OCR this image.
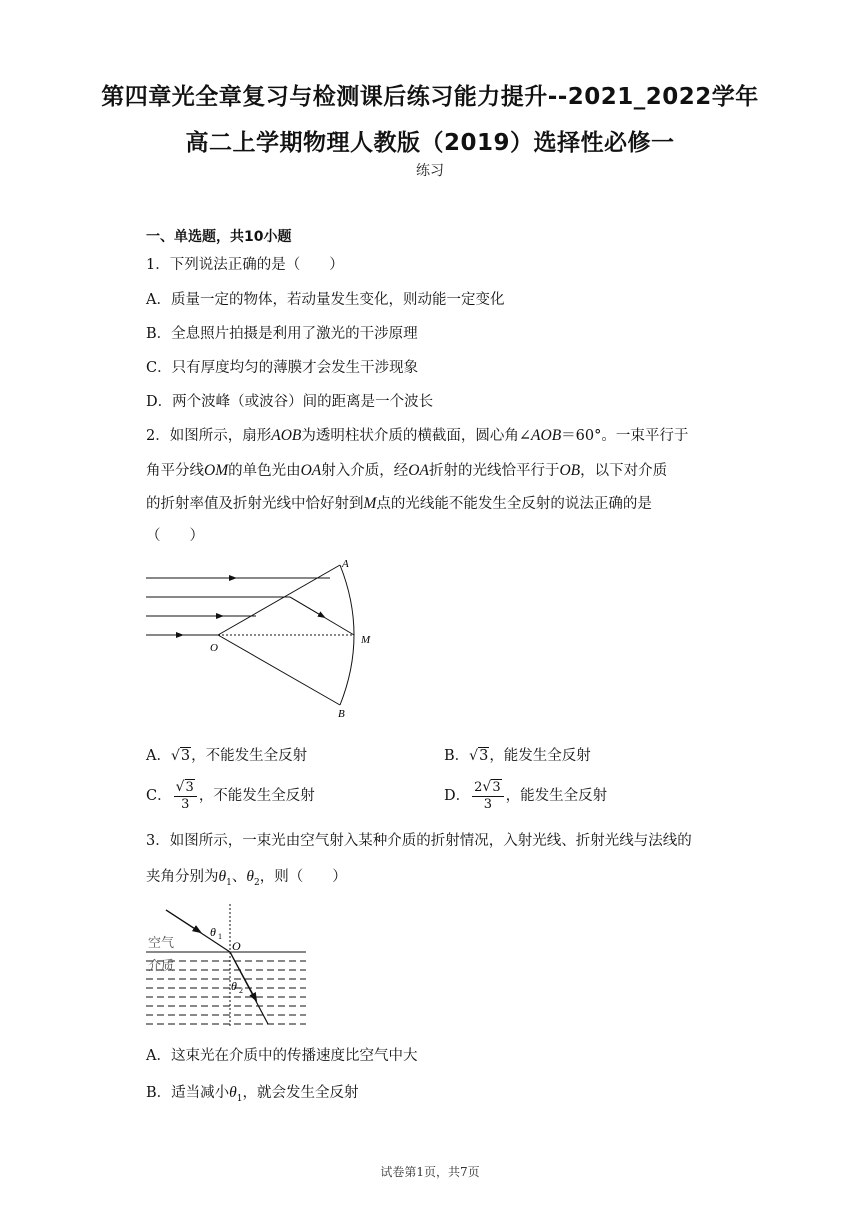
第四章光全章复习与检测课后练习能力提升--2021_2022学年
高二上学期物理人教版（2019）选择性必修一
练习
一、单选题，共10小题
1．下列说法正确的是（　　）
A．质量一定的物体，若动量发生变化，则动能一定变化
B．全息照片拍摄是利用了激光的干涉原理
C．只有厚度均匀的薄膜才会发生干涉现象
D．两个波峰（或波谷）间的距离是一个波长
2．如图所示，扇形AOB为透明柱状介质的横截面，圆心角∠AOB＝60°。一束平行于
角平分线OM的单色光由OA射入介质，经OA折射的光线恰平行于OB，以下对介质
的折射率值及折射光线中恰好射到M点的光线能不能发生全反射的说法正确的是
（　　）
A
O
M
B
A．√3，不能发生全反射	B．√3，能发生全反射
C． $\frac{√3}{3}$ ，不能发生全反射	D． $\frac{2√3}{3}$ ，能发生全反射
3．如图所示，一束光由空气射入某种介质的折射情况，入射光线、折射光线与法线的
夹角分别为$\theta_1$、$\theta_2$，则（　　）
空气
介质
O
θ 1
θ 2
A．这束光在介质中的传播速度比空气中大
B．适当减小$\theta_1$，就会发生全反射
试卷第1页，共7页
